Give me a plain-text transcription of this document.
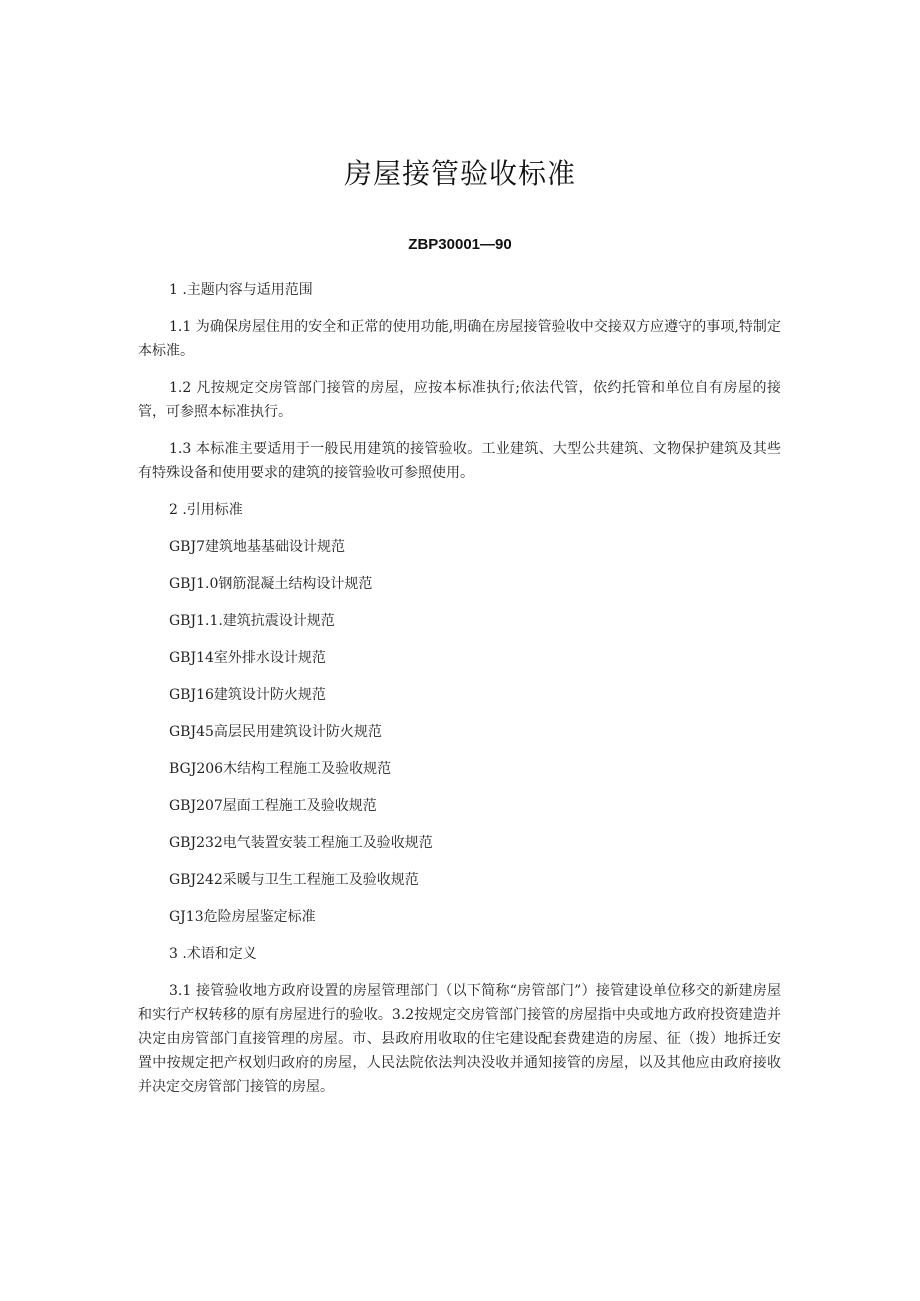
房屋接管验收标准
ZBP30001—90
1 .主题内容与适用范围

1.1 为确保房屋住用的安全和正常的使用功能,明确在房屋接管验收中交接双方应遵守的事项,特制定本标准。

1.2 凡按规定交房管部门接管的房屋，应按本标准执行;依法代管，依约托管和单位自有房屋的接管，可参照本标准执行。

1.3 本标准主要适用于一般民用建筑的接管验收。工业建筑、大型公共建筑、文物保护建筑及其些有特殊设备和使用要求的建筑的接管验收可参照使用。

2 .引用标准
GBJ7建筑地基基础设计规范
GBJ1.0钢筋混凝土结构设计规范
GBJ1.1.建筑抗震设计规范
GBJ14室外排水设计规范
GBJ16建筑设计防火规范
GBJ45高层民用建筑设计防火规范
BGJ206木结构工程施工及验收规范
GBJ207屋面工程施工及验收规范
GBJ232电气装置安装工程施工及验收规范
GBJ242采暖与卫生工程施工及验收规范
GJ13危险房屋鉴定标准
3 .术语和定义

3.1 接管验收地方政府设置的房屋管理部门（以下简称“房管部门”）接管建设单位移交的新建房屋和实行产权转移的原有房屋进行的验收。3.2按规定交房管部门接管的房屋指中央或地方政府投资建造并决定由房管部门直接管理的房屋。市、县政府用收取的住宅建设配套费建造的房屋、征（拨）地拆迁安置中按规定把产权划归政府的房屋，人民法院依法判决没收并通知接管的房屋，以及其他应由政府接收并决定交房管部门接管的房屋。
